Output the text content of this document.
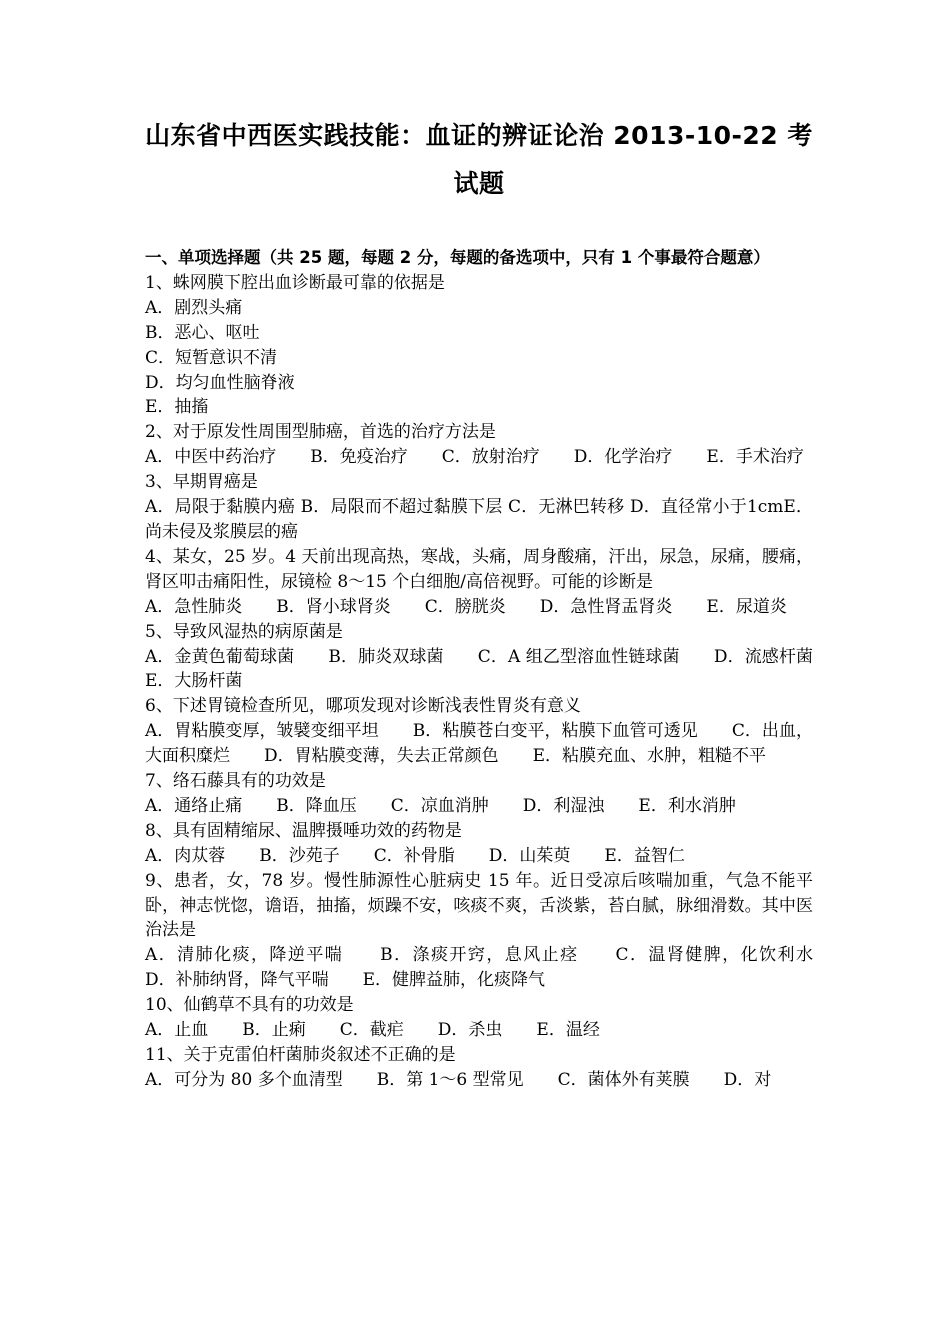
山东省中西医实践技能：血证的辨证论治 2013-10-22 考试题
一、单项选择题（共 25 题，每题 2 分，每题的备选项中，只有 1 个事最符合题意）
1、蛛网膜下腔出血诊断最可靠的依据是
A．剧烈头痛
B．恶心、呕吐
C．短暂意识不清
D．均匀血性脑脊液
E．抽搐
2、对于原发性周围型肺癌，首选的治疗方法是
A．中医中药治疗　　B．免疫治疗　　C．放射治疗　　D．化学治疗　　E．手术治疗
3、早期胃癌是
A．局限于黏膜内癌 B．局限而不超过黏膜下层 C．无淋巴转移 D．直径常小于1cmE．尚未侵及浆膜层的癌
4、某女，25 岁。4 天前出现高热，寒战，头痛，周身酸痛，汗出，尿急，尿痛，腰痛，肾区叩击痛阳性，尿镜检 8～15 个白细胞/高倍视野。可能的诊断是
A．急性肺炎　　B．肾小球肾炎　　C．膀胱炎　　D．急性肾盂肾炎　　E．尿道炎
5、导致风湿热的病原菌是
A．金黄色葡萄球菌　　B．肺炎双球菌　　C．A 组乙型溶血性链球菌　　D．流感杆菌　　E．大肠杆菌
6、下述胃镜检查所见，哪项发现对诊断浅表性胃炎有意义
A．胃粘膜变厚，皱襞变细平坦　　B．粘膜苍白变平，粘膜下血管可透见　　C．出血，大面积糜烂　　D．胃粘膜变薄，失去正常颜色　　E．粘膜充血、水肿，粗糙不平
7、络石藤具有的功效是
A．通络止痛　　B．降血压　　C．凉血消肿　　D．利湿浊　　E．利水消肿
8、具有固精缩尿、温脾摄唾功效的药物是
A．肉苁蓉　　B．沙苑子　　C．补骨脂　　D．山茱萸　　E．益智仁
9、患者，女，78 岁。慢性肺源性心脏病史 15 年。近日受凉后咳喘加重，气急不能平卧，神志恍惚，谵语，抽搐，烦躁不安，咳痰不爽，舌淡紫，苔白腻，脉细滑数。其中医治法是
A．清肺化痰，降逆平喘　　B．涤痰开窍，息风止痉　　C．温肾健脾，化饮利水　　D．补肺纳肾，降气平喘　　E．健脾益肺，化痰降气
10、仙鹤草不具有的功效是
A．止血　　B．止痢　　C．截疟　　D．杀虫　　E．温经
11、关于克雷伯杆菌肺炎叙述不正确的是
A．可分为 80 多个血清型　　B．第 1～6 型常见　　C．菌体外有荚膜　　D．对
